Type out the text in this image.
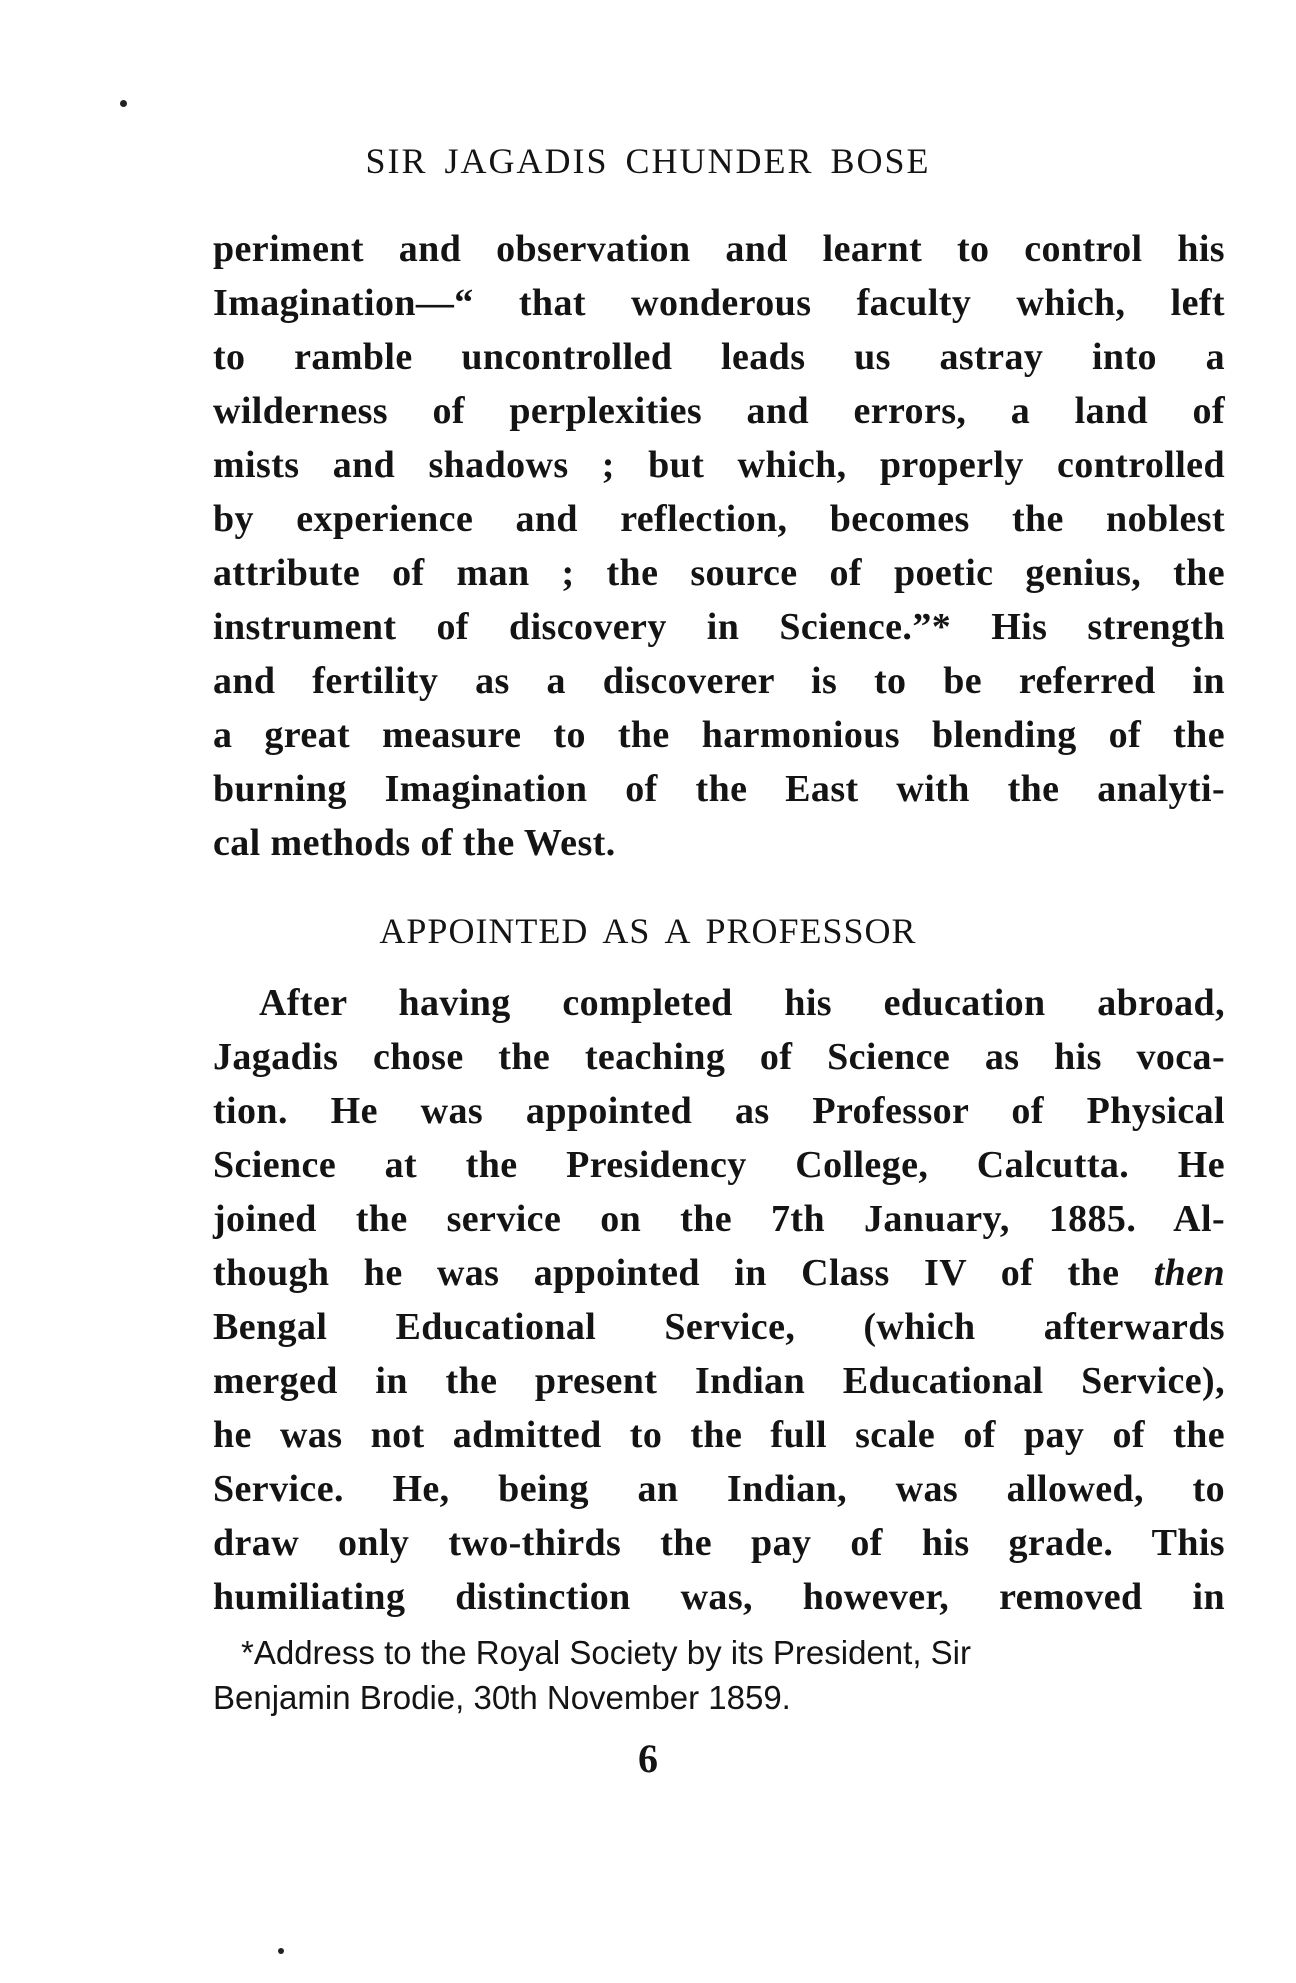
SIR JAGADIS CHUNDER BOSE
periment and observation and learnt to control his
Imagination—“ that wonderous faculty which, left
to ramble uncontrolled leads us astray into a
wilderness of perplexities and errors, a land of
mists and shadows ; but which, properly controlled
by experience and reflection, becomes the noblest
attribute of man ; the source of poetic genius, the
instrument of discovery in Science.”* His strength
and fertility as a discoverer is to be referred in
a great measure to the harmonious blending of the
burning Imagination of the East with the analyti-
cal methods of the West.
APPOINTED AS A PROFESSOR
After having completed his education abroad,
Jagadis chose the teaching of Science as his voca-
tion. He was appointed as Professor of Physical
Science at the Presidency College, Calcutta. He
joined the service on the 7th January, 1885. Al-
though he was appointed in Class IV of the then
Bengal Educational Service, (which afterwards
merged in the present Indian Educational Service),
he was not admitted to the full scale of pay of the
Service. He, being an Indian, was allowed, to
draw only two-thirds the pay of his grade. This
humiliating distinction was, however, removed in
*Address to the Royal Society by its President, Sir
Benjamin Brodie, 30th November 1859.
6
